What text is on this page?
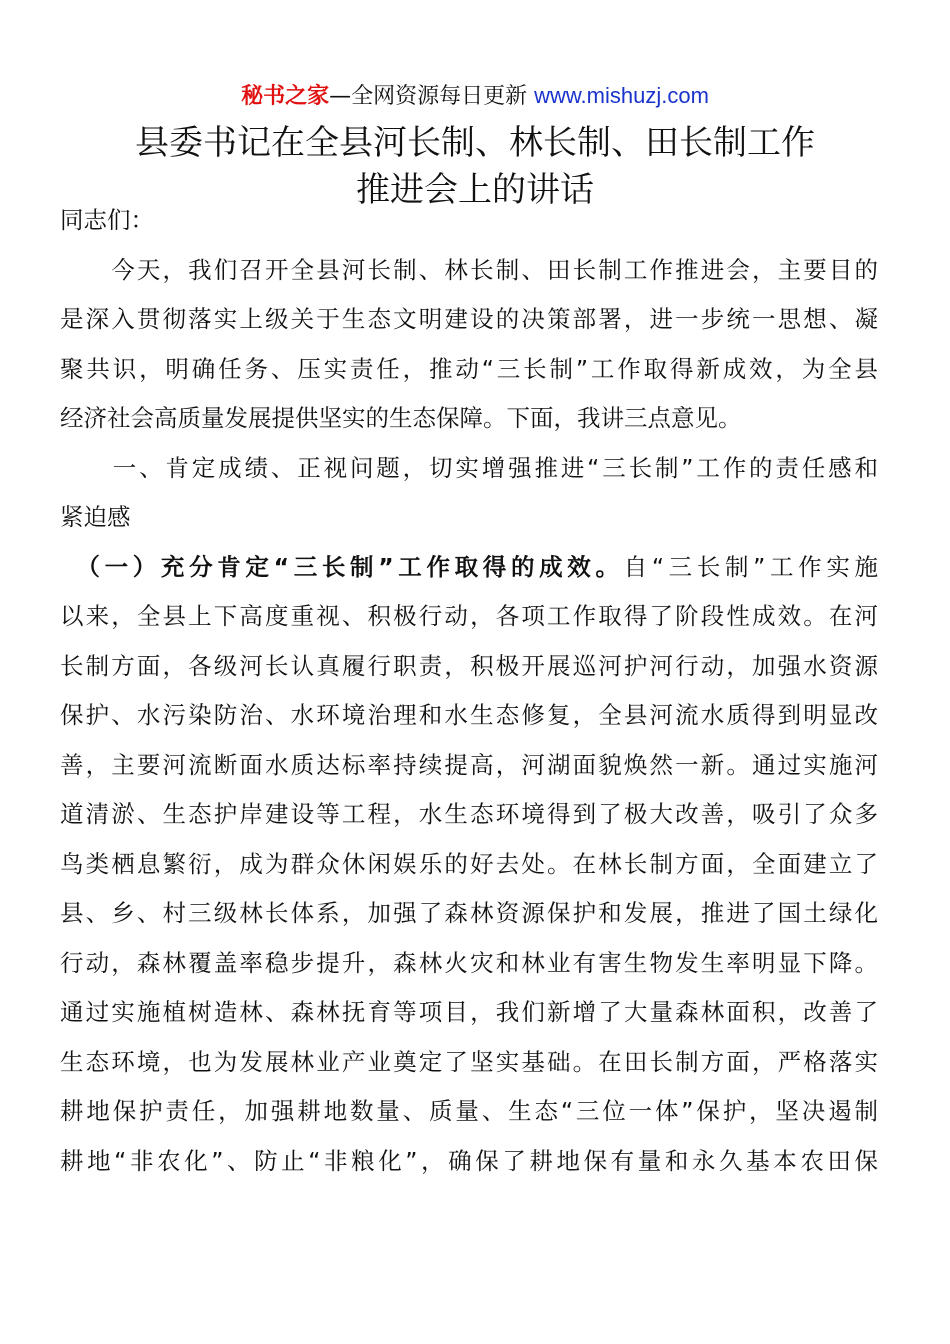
秘书之家—全网资源每日更新 www.mishuzj.com
县委书记在全县河长制、林长制、田长制工作
推进会上的讲话
同志们：
　　今天，我们召开全县河长制、林长制、田长制工作推进会，主要目的
是深入贯彻落实上级关于生态文明建设的决策部署，进一步统一思想、凝
聚共识，明确任务、压实责任，推动“三长制”工作取得新成效，为全县
经济社会高质量发展提供坚实的生态保障。下面，我讲三点意见。
　　一、肯定成绩、正视问题，切实增强推进“三长制”工作的责任感和
紧迫感
　（一）充分肯定“三长制”工作取得的成效。自“三长制”工作实施
以来，全县上下高度重视、积极行动，各项工作取得了阶段性成效。在河
长制方面，各级河长认真履行职责，积极开展巡河护河行动，加强水资源
保护、水污染防治、水环境治理和水生态修复，全县河流水质得到明显改
善，主要河流断面水质达标率持续提高，河湖面貌焕然一新。通过实施河
道清淤、生态护岸建设等工程，水生态环境得到了极大改善，吸引了众多
鸟类栖息繁衍，成为群众休闲娱乐的好去处。在林长制方面，全面建立了
县、乡、村三级林长体系，加强了森林资源保护和发展，推进了国土绿化
行动，森林覆盖率稳步提升，森林火灾和林业有害生物发生率明显下降。
通过实施植树造林、森林抚育等项目，我们新增了大量森林面积，改善了
生态环境，也为发展林业产业奠定了坚实基础。在田长制方面，严格落实
耕地保护责任，加强耕地数量、质量、生态“三位一体”保护，坚决遏制
耕地“非农化”、防止“非粮化”，确保了耕地保有量和永久基本农田保
